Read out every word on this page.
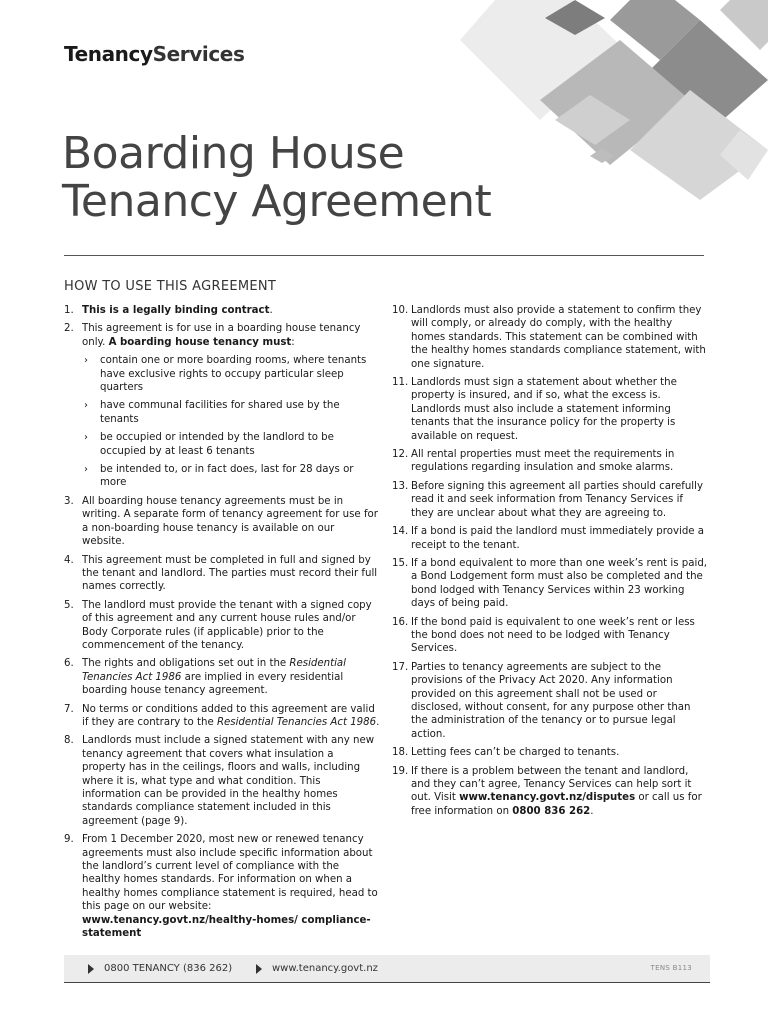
TenancyServices
Boarding House
Tenancy Agreement
HOW TO USE THIS AGREEMENT
1. This is a legally binding contract.
2. This agreement is for use in a boarding house tenancy only. A boarding house tenancy must:
› contain one or more boarding rooms, where tenants have exclusive rights to occupy particular sleep quarters
› have communal facilities for shared use by the tenants
› be occupied or intended by the landlord to be occupied by at least 6 tenants
› be intended to, or in fact does, last for 28 days or more
3. All boarding house tenancy agreements must be in writing. A separate form of tenancy agreement for use for a non-boarding house tenancy is available on our website.
4. This agreement must be completed in full and signed by the tenant and landlord. The parties must record their full names correctly.
5. The landlord must provide the tenant with a signed copy of this agreement and any current house rules and/or Body Corporate rules (if applicable) prior to the commencement of the tenancy.
6. The rights and obligations set out in the Residential Tenancies Act 1986 are implied in every residential boarding house tenancy agreement.
7. No terms or conditions added to this agreement are valid if they are contrary to the Residential Tenancies Act 1986.
8. Landlords must include a signed statement with any new tenancy agreement that covers what insulation a property has in the ceilings, floors and walls, including where it is, what type and what condition. This information can be provided in the healthy homes standards compliance statement included in this agreement (page 9).
9. From 1 December 2020, most new or renewed tenancy agreements must also include specific information about the landlord’s current level of compliance with the healthy homes standards. For information on when a healthy homes compliance statement is required, head to this page on our website: www.tenancy.govt.nz/healthy-homes/ compliance-statement
10. Landlords must also provide a statement to confirm they will comply, or already do comply, with the healthy homes standards. This statement can be combined with the healthy homes standards compliance statement, with one signature.
11. Landlords must sign a statement about whether the property is insured, and if so, what the excess is. Landlords must also include a statement informing tenants that the insurance policy for the property is available on request.
12. All rental properties must meet the requirements in regulations regarding insulation and smoke alarms.
13. Before signing this agreement all parties should carefully read it and seek information from Tenancy Services if they are unclear about what they are agreeing to.
14. If a bond is paid the landlord must immediately provide a receipt to the tenant.
15. If a bond equivalent to more than one week’s rent is paid, a Bond Lodgement form must also be completed and the bond lodged with Tenancy Services within 23 working days of being paid.
16. If the bond paid is equivalent to one week’s rent or less the bond does not need to be lodged with Tenancy Services.
17. Parties to tenancy agreements are subject to the provisions of the Privacy Act 2020. Any information provided on this agreement shall not be used or disclosed, without consent, for any purpose other than the administration of the tenancy or to pursue legal action.
18. Letting fees can’t be charged to tenants.
19. If there is a problem between the tenant and landlord, and they can’t agree, Tenancy Services can help sort it out. Visit www.tenancy.govt.nz/disputes or call us for free information on 0800 836 262.
0800 TENANCY (836 262)	www.tenancy.govt.nz	TENS B113
